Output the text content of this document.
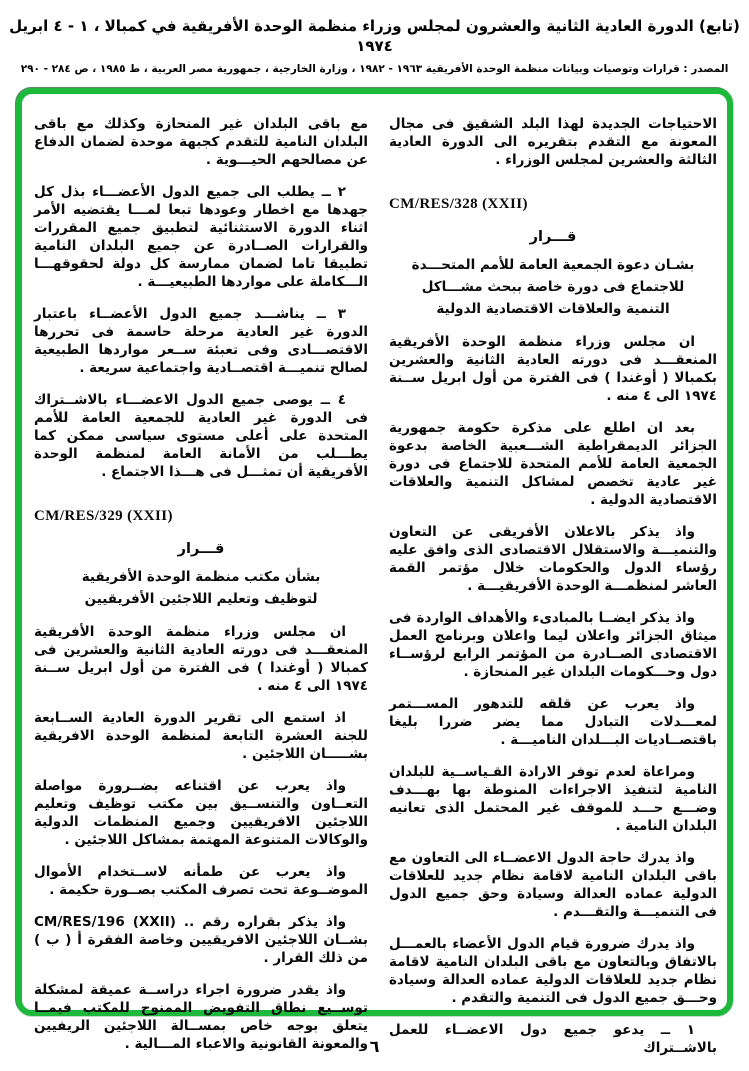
(تابع) الدورة العادية الثانية والعشرون لمجلس وزراء منظمة الوحدة الأفريقية في كمبالا ، ١ - ٤ ابريل ١٩٧٤
المصدر : قرارات وتوصيات وبيانات منظمة الوحدة الأفريقية ١٩٦٣ - ١٩٨٢ ، وزارة الخارجية ، جمهورية مصر العربية ، ط ١٩٨٥ ، ص ٢٨٤ - ٢٩٠

الاحتياجات الجديدة لهذا البلد الشقيق فى مجال المعونة مع التقدم بتقريره الى الدورة العادية الثالثة والعشرين لمجلس الوزراء .

CM/RES/328 (XXII)

قـــرار

بشـان دعوة الجمعية العامة للأمم المتحـــدة
للاجتماع فى دورة خاصة ببحث مشـــاكل
التنمية والعلاقات الاقتصادية الدولية

ان مجلس وزراء منظمة الوحدة الأفريقية المنعقـــد فى دورته العادية الثانية والعشرين بكمبالا ( أوغندا ) فى الفترة من أول ابريل ســنة ١٩٧٤ الى ٤ منه .

بعد ان اطلع على مذكرة حكومة جمهورية الجزائر الديمقراطية الشـــعبية الخاصة بدعوة الجمعية العامة للأمم المتحدة للاجتماع فى دورة غير عادية تخصص لمشاكل التنمية والعلاقات الاقتصادية الدولية .

واذ يذكر بالاعلان الأفريقى عن التعاون والتنميـــة والاستقلال الاقتصادى الذى وافق عليه رؤساء الدول والحكومات خلال مؤتمر القمة العاشر لمنظمـــة الوحدة الأفريقيـــة .

واذ يذكر ايضــا بالمبادىء والأهداف الواردة فى ميثاق الجزائر واعلان ليما واعلان وبرنامج العمل الاقتصادى الصــادرة من المؤتمر الرابع لرؤســاء دول وحـــكومات البلدان غير المنحازة .

واذ يعرب عن قلقه للتدهور المســـتمر لمعـــدلات التبادل مما يضر ضررا بليغا باقتصــاديات البـــلدان الناميـــة .

ومراعاة لعدم توفر الارادة القـياســية للبلدان النامية لتنفيذ الاجراءات المنوطة بها بهـــدف وضـــع حـــد للموقف غير المحتمل الذى تعانيه البلدان النامية .

واذ يدرك حاجة الدول الاعضــاء الى التعاون مع باقى البلدان النامية لاقامة نظام جديد للعلاقات الدولية عماده العدالة وسيادة وحق جميع الدول فى التنميـــة والتقـــدم .

واذ يدرك ضرورة قيام الدول الأعضاء بالعمـــل بالاتفاق وبالتعاون مع باقى البلدان النامية لاقامة نظام جديد للعلاقات الدولية عماده العدالة وسيادة وحـــق جميع الدول فى التنمية والتقدم .

١ ــ يدعو جميع دول الاعضــاء للعمل بالاشــتراك

مع باقى البلدان غير المنحازة وكذلك مع باقى البلدان النامية للتقدم كجبهة موحدة لضمان الدفاع عن مصالحهم الحيـــوية .

٢ ــ يطلب الى جميع الدول الأعضـــاء بذل كل جهدها مع اخطار وعودها تبعا لمـــا يقتضيه الأمر اثناء الدورة الاستثنائية لتطبيق جميع المقررات والقرارات الصــادرة عن جميع البلدان النامية تطبيقا تاما لضمان ممارسة كل دولة لحقوقهـــا الـــكاملة على مواردها الطبيعيـــة .

٣ ــ يناشـــد جميع الدول الأعضــاء باعتبار الدورة غير العادية مرحلة حاسمة فى تحررها الاقتصـــادى وفى تعبئة ســعر مواردها الطبيعية لصالح تنميـــة اقتصــادية واجتماعية سريعة .

٤ ــ يوصى جميع الدول الاعضـــاء بالاشــتراك فى الدورة غير العادية للجمعية العامة للأمم المتحدة على أعلى مستوى سياسى ممكن كما يطـــلب من الأمانة العامة لمنظمة الوحدة الأفريقية أن تمثـــل فى هـــذا الاجتماع .

CM/RES/329 (XXII)

قـــرار

بشأن مكتب منظمة الوحدة الأفريقية
لتوظيف وتعليم اللاجئين الأفريقيين

ان مجلس وزراء منظمة الوحدة الأفريقية المنعقـــد فى دورته العادية الثانية والعشرين فى كمبالا ( أوغندا ) فى الفترة من أول ابريل ســنة ١٩٧٤ الى ٤ منه .

اذ استمع الى تقرير الدورة العادية الســابعة للجنة العشرة التابعة لمنظمة الوحدة الافريقية بشـــــان اللاجئين .

واذ يعرب عن اقتناعه بضــرورة مواصلة التعــاون والتنســيق بين مكتب توظيف وتعليم اللاجئين الافريقيين وجميع المنظمات الدولية والوكالات المتنوعة المهتمة بمشاكل اللاجئين .

واذ يعرب عن طمأنه لاســتخدام الأموال الموضــوعة تحت تصرف المكتب بصــورة حكيمة .

واذ يذكر بقراره رقم .. CM/RES/196 (XXII) بشــان اللاجئين الافريقيين وخاصة الفقرة أ ( ب ) من ذلك القرار .

واذ يقدر ضرورة اجراء دراســة عميقة لمشكلة توســيع نطاق التفويض الممنوح للمكتب فيمــا يتعلق بوجه خاص بمســالة اللاجئين الريفيين والمعونة القانونية والاعباء المـــالية . ٦
